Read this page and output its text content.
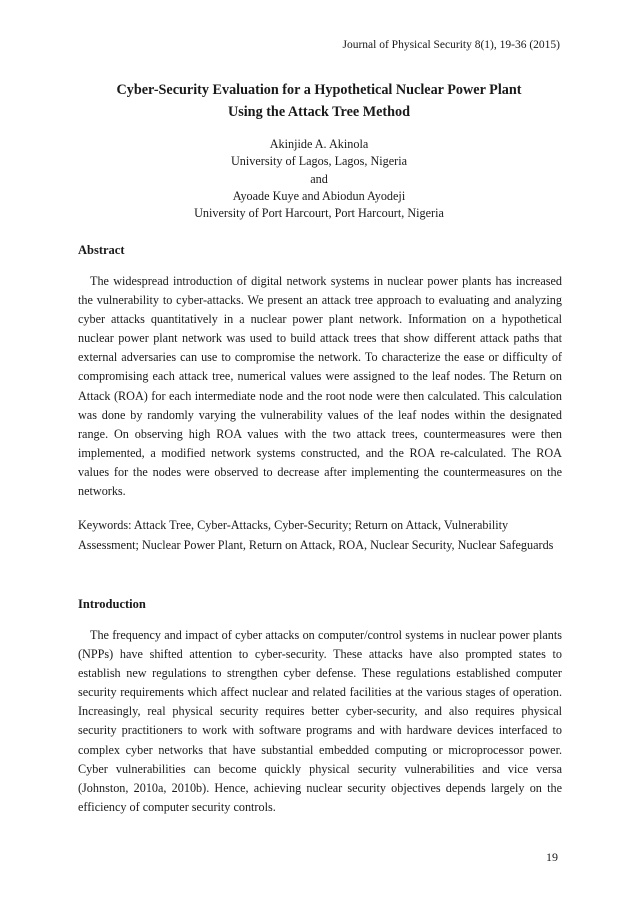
Journal of Physical Security 8(1), 19-36 (2015)
Cyber-Security Evaluation for a Hypothetical Nuclear Power Plant
Using the Attack Tree Method
Akinjide A. Akinola
University of Lagos, Lagos, Nigeria
and
Ayoade Kuye and Abiodun Ayodeji
University of Port Harcourt, Port Harcourt, Nigeria
Abstract
The widespread introduction of digital network systems in nuclear power plants has increased the vulnerability to cyber-attacks. We present an attack tree approach to evaluating and analyzing cyber attacks quantitatively in a nuclear power plant network. Information on a hypothetical nuclear power plant network was used to build attack trees that show different attack paths that external adversaries can use to compromise the network. To characterize the ease or difficulty of compromising each attack tree, numerical values were assigned to the leaf nodes. The Return on Attack (ROA) for each intermediate node and the root node were then calculated. This calculation was done by randomly varying the vulnerability values of the leaf nodes within the designated range. On observing high ROA values with the two attack trees, countermeasures were then implemented, a modified network systems constructed, and the ROA re-calculated. The ROA values for the nodes were observed to decrease after implementing the countermeasures on the networks.
Keywords: Attack Tree, Cyber-Attacks, Cyber-Security; Return on Attack, Vulnerability Assessment; Nuclear Power Plant, Return on Attack, ROA, Nuclear Security, Nuclear Safeguards
Introduction
The frequency and impact of cyber attacks on computer/control systems in nuclear power plants (NPPs) have shifted attention to cyber-security. These attacks have also prompted states to establish new regulations to strengthen cyber defense. These regulations established computer security requirements which affect nuclear and related facilities at the various stages of operation. Increasingly, real physical security requires better cyber-security, and also requires physical security practitioners to work with software programs and with hardware devices interfaced to complex cyber networks that have substantial embedded computing or microprocessor power. Cyber vulnerabilities can become quickly physical security vulnerabilities and vice versa (Johnston, 2010a, 2010b). Hence, achieving nuclear security objectives depends largely on the efficiency of computer security controls.
19
